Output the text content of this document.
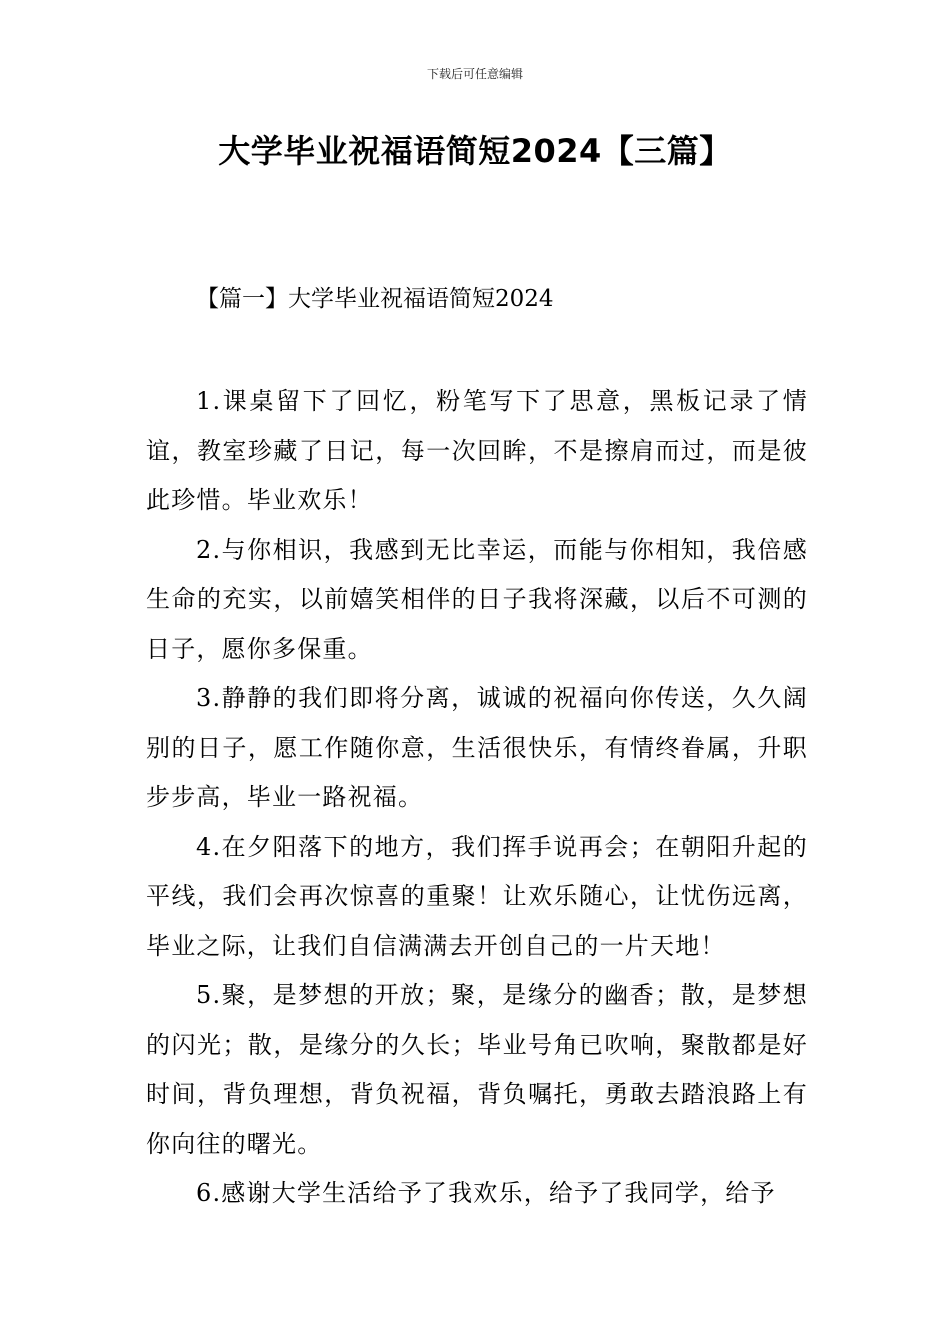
下载后可任意编辑
大学毕业祝福语简短2024【三篇】
【篇一】大学毕业祝福语简短2024

1.课桌留下了回忆，粉笔写下了思意，黑板记录了情谊，教室珍藏了日记，每一次回眸，不是擦肩而过，而是彼此珍惜。毕业欢乐！

2.与你相识，我感到无比幸运，而能与你相知，我倍感生命的充实，以前嬉笑相伴的日子我将深藏，以后不可测的日子，愿你多保重。

3.静静的我们即将分离，诚诚的祝福向你传送，久久阔别的日子，愿工作随你意，生活很快乐，有情终眷属，升职步步高，毕业一路祝福。

4.在夕阳落下的地方，我们挥手说再会；在朝阳升起的平线，我们会再次惊喜的重聚！让欢乐随心，让忧伤远离，毕业之际，让我们自信满满去开创自己的一片天地！

5.聚，是梦想的开放；聚，是缘分的幽香；散，是梦想的闪光；散，是缘分的久长；毕业号角已吹响，聚散都是好时间，背负理想，背负祝福，背负嘱托，勇敢去踏浪路上有你向往的曙光。

6.感谢大学生活给予了我欢乐，给予了我同学，给予
